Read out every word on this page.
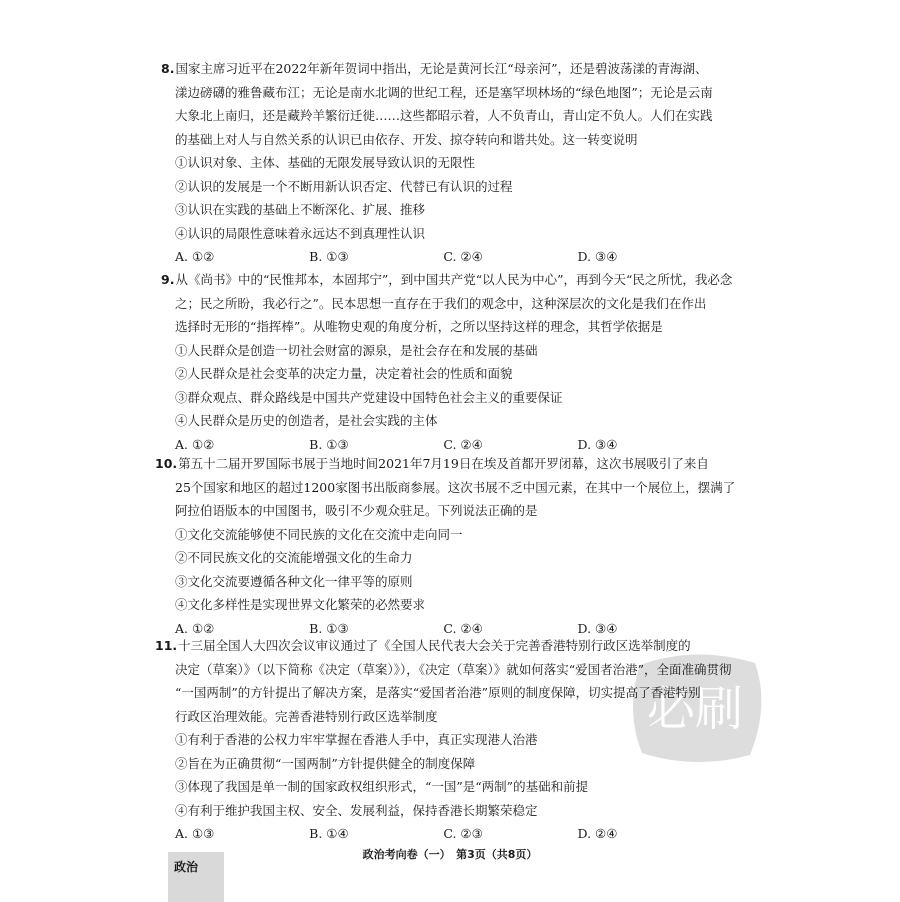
8.国家主席习近平在2022年新年贺词中指出，无论是黄河长江“母亲河”，还是碧波荡漾的青海湖、
漾边磅礴的雅鲁藏布江；无论是南水北调的世纪工程，还是塞罕坝林场的“绿色地图”；无论是云南
大象北上南归，还是藏羚羊繁衍迁徙……这些都昭示着，人不负青山，青山定不负人。人们在实践
的基础上对人与自然关系的认识已由依存、开发、掠夺转向和谐共处。这一转变说明
①认识对象、主体、基础的无限发展导致认识的无限性
②认识的发展是一个不断用新认识否定、代替已有认识的过程
③认识在实践的基础上不断深化、扩展、推移
④认识的局限性意味着永远达不到真理性认识
A. ①②	B. ①③	C. ②④	D. ③④
9.从《尚书》中的“民惟邦本，本固邦宁”，到中国共产党“以人民为中心”，再到今天“民之所忧，我必念
之；民之所盼，我必行之”。民本思想一直存在于我们的观念中，这种深层次的文化是我们在作出
选择时无形的“指挥棒”。从唯物史观的角度分析，之所以坚持这样的理念，其哲学依据是
①人民群众是创造一切社会财富的源泉，是社会存在和发展的基础
②人民群众是社会变革的决定力量，决定着社会的性质和面貌
③群众观点、群众路线是中国共产党建设中国特色社会主义的重要保证
④人民群众是历史的创造者，是社会实践的主体
A. ①②	B. ①③	C. ②④	D. ③④
10.第五十二届开罗国际书展于当地时间2021年7月19日在埃及首都开罗闭幕，这次书展吸引了来自
25个国家和地区的超过1200家图书出版商参展。这次书展不乏中国元素，在其中一个展位上，摆满了
阿拉伯语版本的中国图书，吸引不少观众驻足。下列说法正确的是
①文化交流能够使不同民族的文化在交流中走向同一
②不同民族文化的交流能增强文化的生命力
③文化交流要遵循各种文化一律平等的原则
④文化多样性是实现世界文化繁荣的必然要求
A. ①②	B. ①③	C. ②④	D. ③④
11.十三届全国人大四次会议审议通过了《全国人民代表大会关于完善香港特别行政区选举制度的
决定（草案）》（以下简称《决定（草案）》），《决定（草案）》就如何落实“爱国者治港”，全面准确贯彻
“一国两制”的方针提出了解决方案，是落实“爱国者治港”原则的制度保障，切实提高了香港特别
行政区治理效能。完善香港特别行政区选举制度
①有利于香港的公权力牢牢掌握在香港人手中，真正实现港人治港
②旨在为正确贯彻“一国两制”方针提供健全的制度保障
③体现了我国是单一制的国家政权组织形式，“一国”是“两制”的基础和前提
④有利于维护我国主权、安全、发展利益，保持香港长期繁荣稳定
A. ①③	B. ①④	C. ②③	D. ②④
必刷
政治
政治考向卷（一）　第3页（共8页）
